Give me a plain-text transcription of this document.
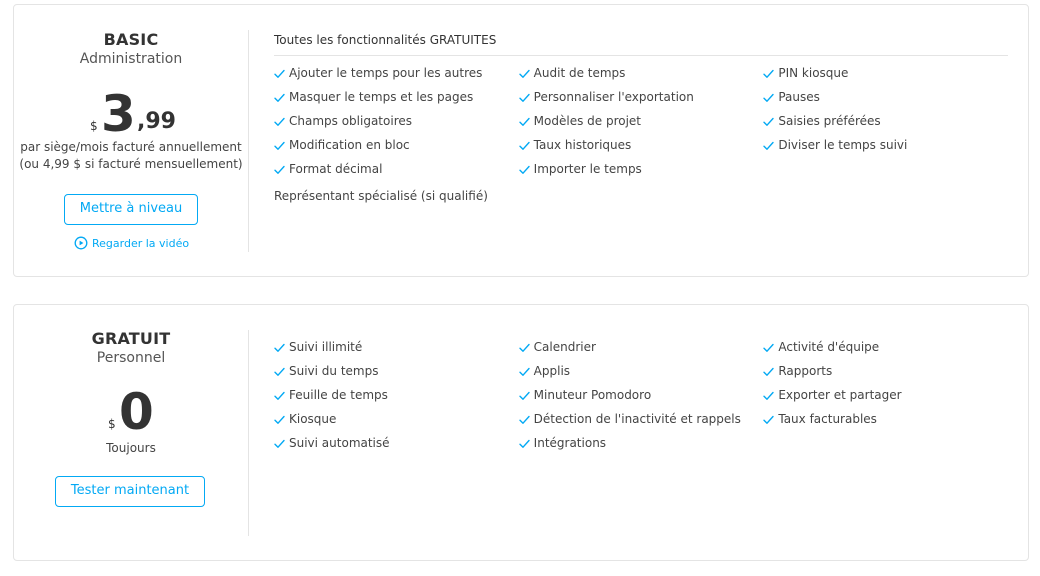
BASIC
Administration
$ 3 ,99
par siège/mois facturé annuellement
(ou 4,99 $ si facturé mensuellement)
Mettre à niveau
Regarder la vidéo
Toutes les fonctionnalités GRATUITES
Ajouter le temps pour les autres
Masquer le temps et les pages
Champs obligatoires
Modification en bloc
Format décimal
Audit de temps
Personnaliser l'exportation
Modèles de projet
Taux historiques
Importer le temps
PIN kiosque
Pauses
Saisies préférées
Diviser le temps suivi
Représentant spécialisé (si qualifié)
GRATUIT
Personnel
$ 0
Toujours
Tester maintenant
Suivi illimité
Suivi du temps
Feuille de temps
Kiosque
Suivi automatisé
Calendrier
Applis
Minuteur Pomodoro
Détection de l'inactivité et rappels
Intégrations
Activité d'équipe
Rapports
Exporter et partager
Taux facturables
